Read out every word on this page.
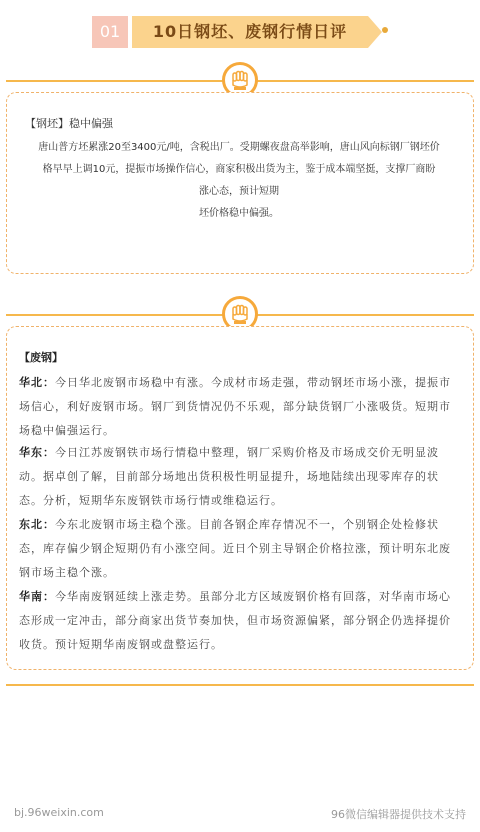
01	10日钢坯、废钢行情日评
【钢坯】稳中偏强
唐山普方坯累涨20至3400元/吨，含税出厂。受期螺夜盘高举影响，唐山风向标钢厂钢坯价
格早早上调10元，提振市场操作信心，商家积极出货为主，鉴于成本端坚挺，支撑厂商盼
涨心态，预计短期
坯价格稳中偏强。
【废钢】
华北：今日华北废钢市场稳中有涨。今成材市场走强，带动钢坯市场小涨，提振市场信心，利好废钢市场。钢厂到货情况仍不乐观，部分缺货钢厂小涨吸货。短期市场稳中偏强运行。
华东：今日江苏废钢铁市场行情稳中整理，钢厂采购价格及市场成交价无明显波动。据卓创了解，目前部分场地出货积极性明显提升，场地陆续出现零库存的状态。分析，短期华东废钢铁市场行情或维稳运行。
东北：今东北废钢市场主稳个涨。目前各钢企库存情况不一，个别钢企处检修状态，库存偏少钢企短期仍有小涨空间。近日个别主导钢企价格拉涨，预计明东北废钢市场主稳个涨。
华南：今华南废钢延续上涨走势。虽部分北方区域废钢价格有回落，对华南市场心态形成一定冲击，部分商家出货节奏加快，但市场资源偏紧，部分钢企仍选择提价收货。预计短期华南废钢或盘整运行。
bj.96weixin.com	96微信编辑器提供技术支持
